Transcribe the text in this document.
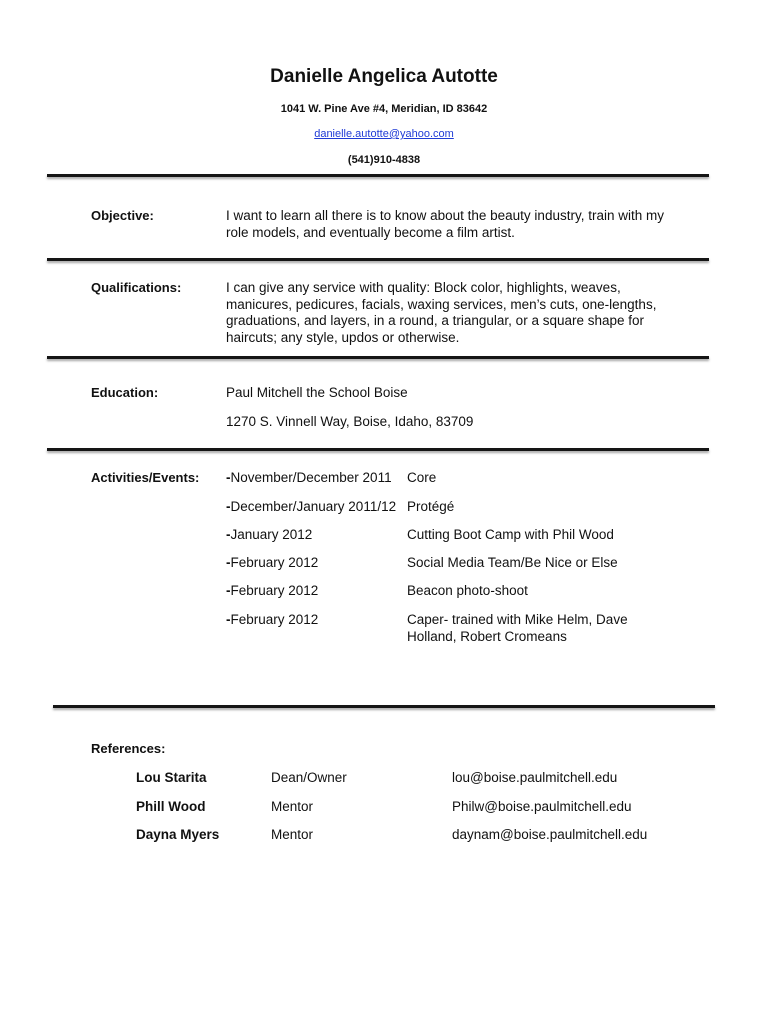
Danielle Angelica Autotte
1041 W. Pine Ave #4, Meridian, ID 83642
danielle.autotte@yahoo.com
(541)910-4838
Objective:	I want to learn all there is to know about the beauty industry, train with my
role models, and eventually become a film artist.
Qualifications:	I can give any service with quality: Block color, highlights, weaves,
manicures, pedicures, facials, waxing services, men’s cuts, one-lengths,
graduations, and layers, in a round, a triangular, or a square shape for
haircuts; any style, updos or otherwise.
Education:	Paul Mitchell the School Boise
1270 S. Vinnell Way, Boise, Idaho, 83709
Activities/Events: -November/December 2011	Core
-December/January 2011/12 Protégé
-January 2012	Cutting Boot Camp with Phil Wood
-February 2012	Social Media Team/Be Nice or Else
-February 2012	Beacon photo-shoot
-February 2012	Caper- trained with Mike Helm, Dave
Holland, Robert Cromeans
References:
Lou Starita	Dean/Owner	lou@boise.paulmitchell.edu
Phill Wood	Mentor	Philw@boise.paulmitchell.edu
Dayna Myers	Mentor	daynam@boise.paulmitchell.edu
